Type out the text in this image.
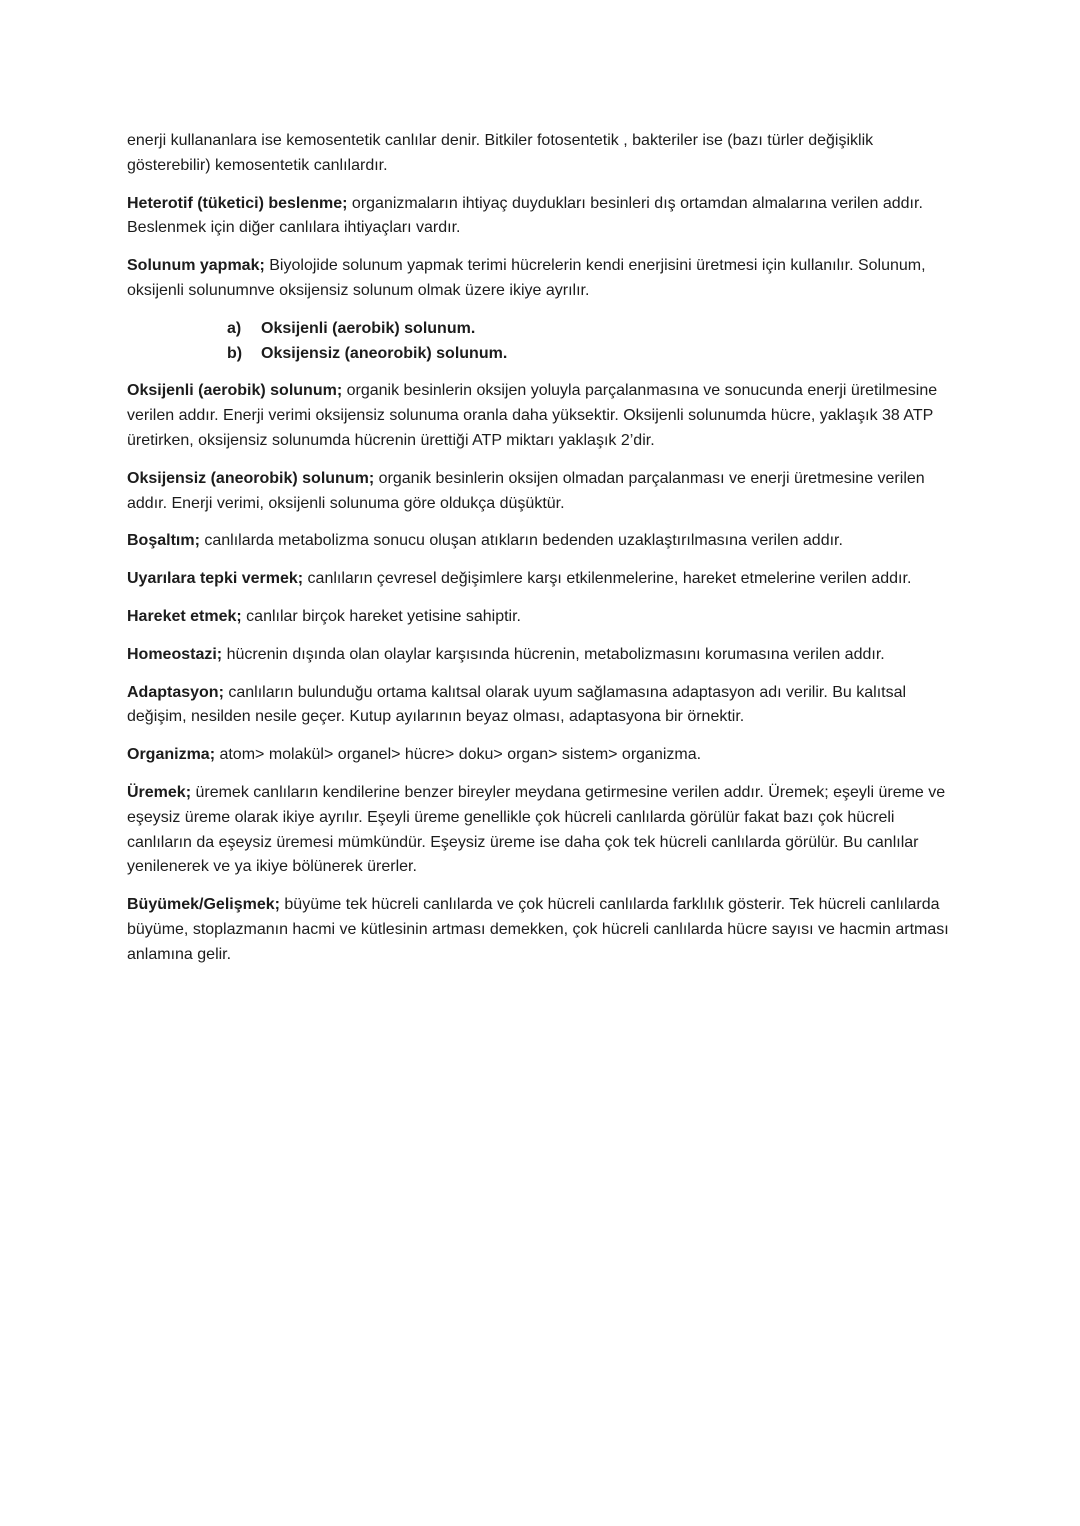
enerji kullananlara ise kemosentetik canlılar denir. Bitkiler fotosentetik , bakteriler ise (bazı türler değişiklik gösterebilir) kemosentetik canlılardır.

Heterotif (tüketici) beslenme; organizmaların ihtiyaç duydukları besinleri dış ortamdan almalarına verilen addır. Beslenmek için diğer canlılara ihtiyaçları vardır.

Solunum yapmak; Biyolojide solunum yapmak terimi hücrelerin kendi enerjisini üretmesi için kullanılır. Solunum, oksijenli solunumnve oksijensiz solunum olmak üzere ikiye ayrılır.

a)	Oksijenli (aerobik) solunum.
b)	Oksijensiz (aneorobik) solunum.

Oksijenli (aerobik) solunum; organik besinlerin oksijen yoluyla parçalanmasına ve sonucunda enerji üretilmesine verilen addır. Enerji verimi oksijensiz solunuma oranla daha yüksektir. Oksijenli solunumda hücre, yaklaşık 38 ATP üretirken, oksijensiz solunumda hücrenin ürettiği ATP miktarı yaklaşık 2’dir.

Oksijensiz (aneorobik) solunum; organik besinlerin oksijen olmadan parçalanması ve enerji üretmesine verilen addır. Enerji verimi, oksijenli solunuma göre oldukça düşüktür.

Boşaltım; canlılarda metabolizma sonucu oluşan atıkların bedenden uzaklaştırılmasına verilen addır.

Uyarılara tepki vermek; canlıların çevresel değişimlere karşı etkilenmelerine, hareket etmelerine verilen addır.

Hareket etmek; canlılar birçok hareket yetisine sahiptir.

Homeostazi; hücrenin dışında olan olaylar karşısında hücrenin, metabolizmasını korumasına verilen addır.

Adaptasyon; canlıların bulunduğu ortama kalıtsal olarak uyum sağlamasına adaptasyon adı verilir. Bu kalıtsal değişim, nesilden nesile geçer. Kutup ayılarının beyaz olması, adaptasyona bir örnektir.

Organizma; atom> molakül> organel> hücre> doku> organ> sistem> organizma.

Üremek; üremek canlıların kendilerine benzer bireyler meydana getirmesine verilen addır. Üremek; eşeyli üreme ve eşeysiz üreme olarak ikiye ayrılır. Eşeyli üreme genellikle çok hücreli canlılarda görülür fakat bazı çok hücreli canlıların da eşeysiz üremesi mümkündür. Eşeysiz üreme ise daha çok tek hücreli canlılarda görülür. Bu canlılar yenilenerek ve ya ikiye bölünerek ürerler.

Büyümek/Gelişmek; büyüme tek hücreli canlılarda ve çok hücreli canlılarda farklılık gösterir. Tek hücreli canlılarda büyüme, stoplazmanın hacmi ve kütlesinin artması demekken, çok hücreli canlılarda hücre sayısı ve hacmin artması anlamına gelir.
